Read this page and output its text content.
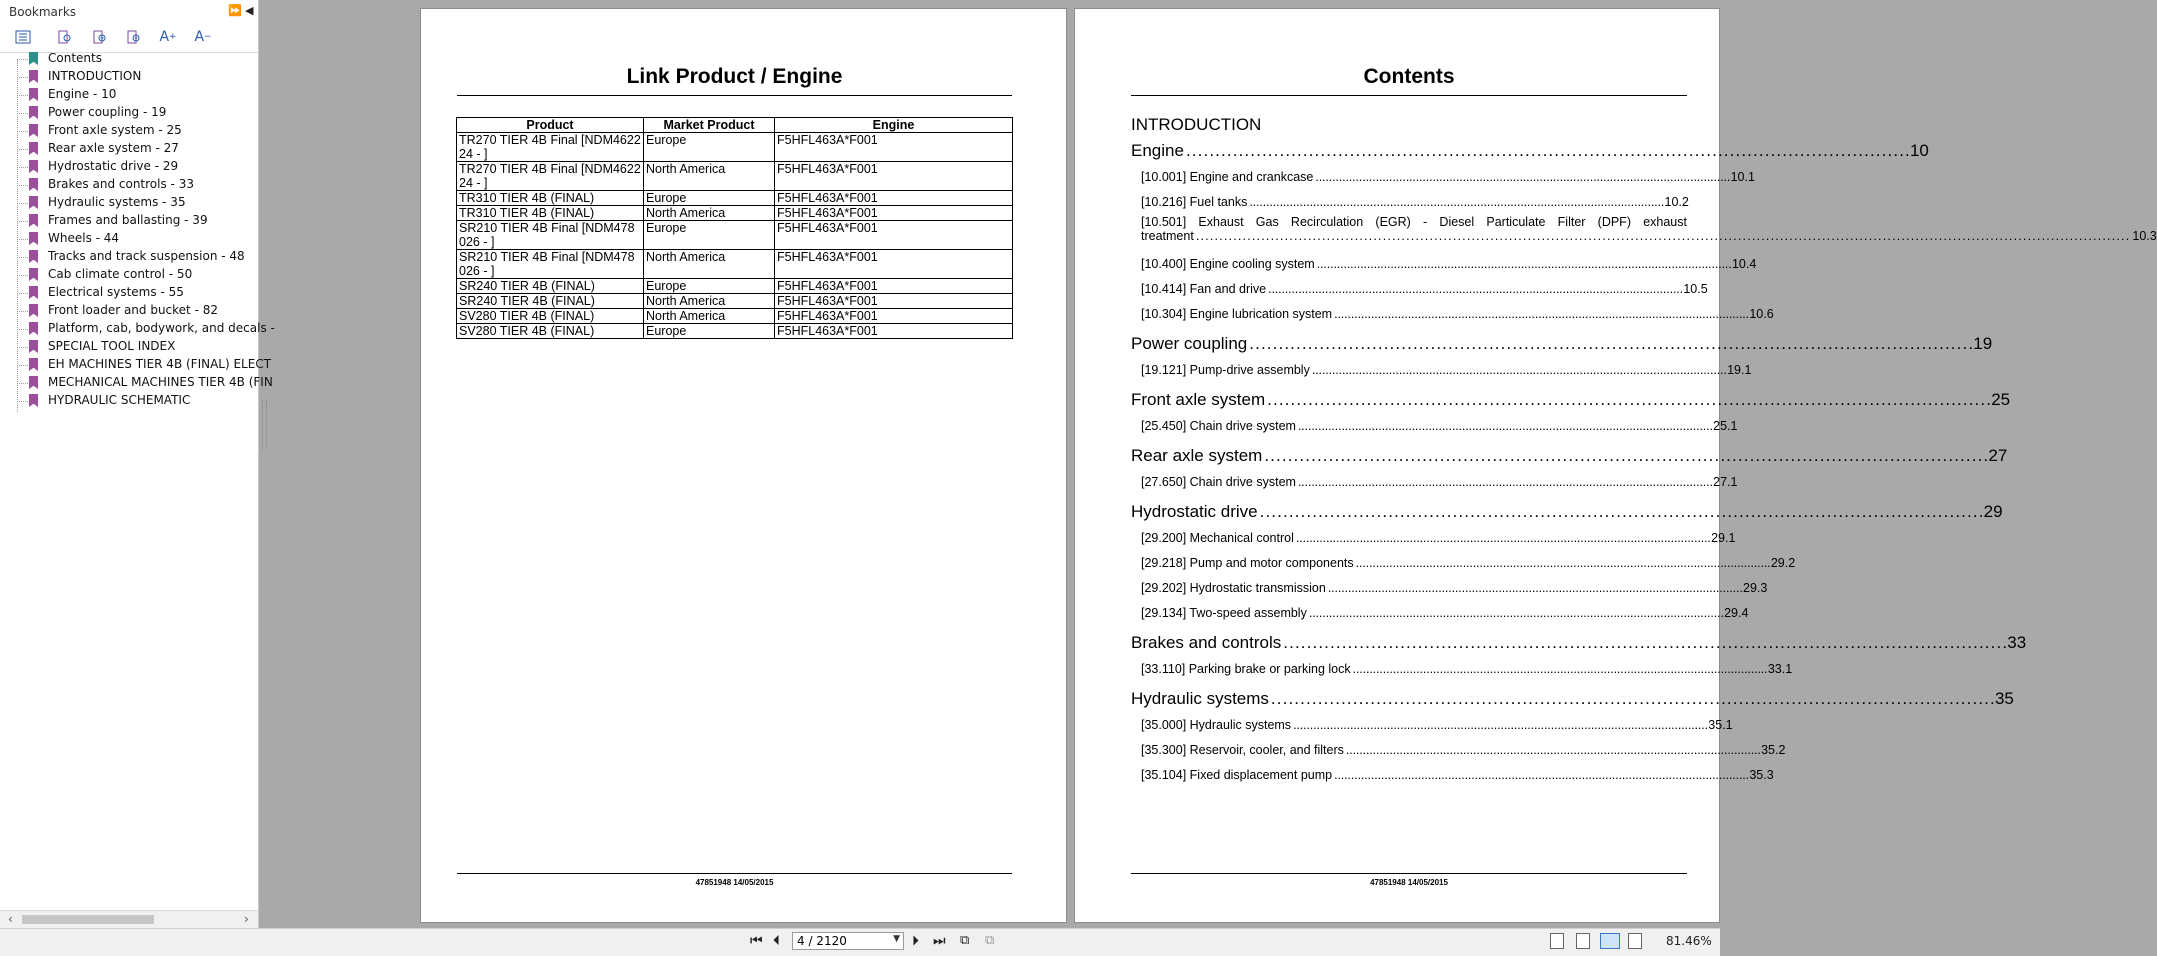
Bookmarks	⏩ ◀
A + A −
Contents
INTRODUCTION
Engine - 10
Power coupling - 19
Front axle system - 25
Rear axle system - 27
Hydrostatic drive - 29
Brakes and controls - 33
Hydraulic systems - 35
Frames and ballasting - 39
Wheels - 44
Tracks and track suspension - 48
Cab climate control - 50
Electrical systems - 55
Front loader and bucket - 82
Platform, cab, bodywork, and decals -
SPECIAL TOOL INDEX
EH MACHINES TIER 4B (FINAL) ELECT
MECHANICAL MACHINES TIER 4B (FIN
HYDRAULIC SCHEMATIC
‹	›
Link Product / Engine
Product	Market Product	Engine
TR270 TIER 4B Final [NDM462224 - ]	Europe	F5HFL463A*F001
TR270 TIER 4B Final [NDM462224 - ]	North America	F5HFL463A*F001
TR310 TIER 4B (FINAL)	Europe	F5HFL463A*F001
TR310 TIER 4B (FINAL)	North America	F5HFL463A*F001
SR210 TIER 4B Final [NDM478026 - ]	Europe	F5HFL463A*F001
SR210 TIER 4B Final [NDM478026 - ]	North America	F5HFL463A*F001
SR240 TIER 4B (FINAL)	Europe	F5HFL463A*F001
SR240 TIER 4B (FINAL)	North America	F5HFL463A*F001
SV280 TIER 4B (FINAL)	North America	F5HFL463A*F001
SV280 TIER 4B (FINAL)	Europe	F5HFL463A*F001
47851948 14/05/2015
Contents
INTRODUCTION
Engine . . .	10
[10.001] Engine and crankcase . . .	10.1
[10.216] Fuel tanks . . .	10.2
[10.501] Exhaust Gas Recirculation (EGR) - Diesel Particulate Filter (DPF) exhaust
treatment ........................................................................................................................................................................................................ 10.3
[10.400] Engine cooling system . . .	10.4
[10.414] Fan and drive . . .	10.5
[10.304] Engine lubrication system . . .	10.6
Power coupling . . .	19
[19.121] Pump-drive assembly . . .	19.1
Front axle system . . .	25
[25.450] Chain drive system . . .	25.1
Rear axle system . . .	27
[27.650] Chain drive system . . .	27.1
Hydrostatic drive . . .	29
[29.200] Mechanical control . . .	29.1
[29.218] Pump and motor components . . .	29.2
[29.202] Hydrostatic transmission . . .	29.3
[29.134] Two-speed assembly . . .	29.4
Brakes and controls . . .	33
[33.110] Parking brake or parking lock . . .	33.1
Hydraulic systems . . .	35
[35.000] Hydraulic systems . . .	35.1
[35.300] Reservoir, cooler, and filters . . .	35.2
[35.104] Fixed displacement pump . . .	35.3
47851948 14/05/2015
⏮ ⏴ 4 / 2120	▼ ⏵ ⏭ ⧉ ⧉	81.46%
